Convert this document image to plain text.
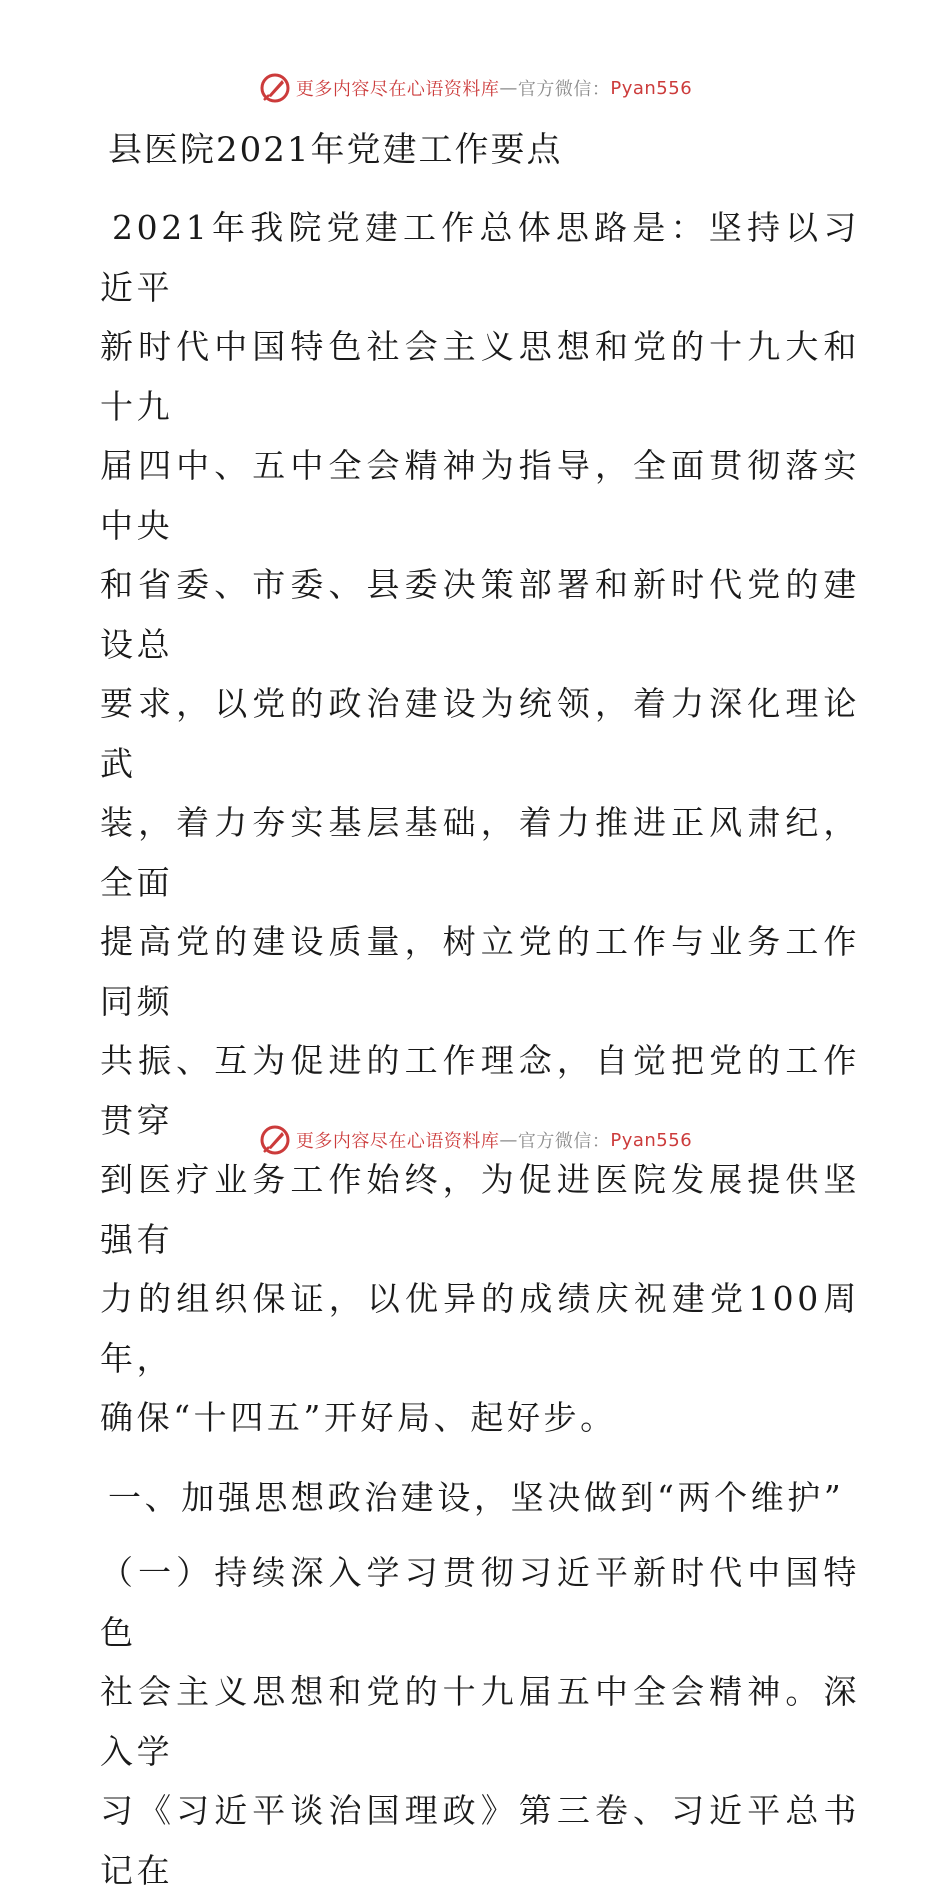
更多内容尽在心语资料库 — 官方微信： Pyan556
县医院2021年党建工作要点

2021年我院党建工作总体思路是：坚持以习近平
新时代中国特色社会主义思想和党的十九大和十九
届四中、五中全会精神为指导，全面贯彻落实中央
和省委、市委、县委决策部署和新时代党的建设总
要求，以党的政治建设为统领，着力深化理论武
装，着力夯实基层基础，着力推进正风肃纪，全面
提高党的建设质量，树立党的工作与业务工作同频
共振、互为促进的工作理念，自觉把党的工作贯穿
到医疗业务工作始终，为促进医院发展提供坚强有
力的组织保证，以优异的成绩庆祝建党100周年，
确保“十四五”开好局、起好步。

一、加强思想政治建设，坚决做到“两个维护”

（一）持续深入学习贯彻习近平新时代中国特色
社会主义思想和党的十九届五中全会精神。深入学
习《习近平谈治国理政》第三卷、习近平总书记在

更多内容尽在心语资料库 — 官方微信： Pyan556
